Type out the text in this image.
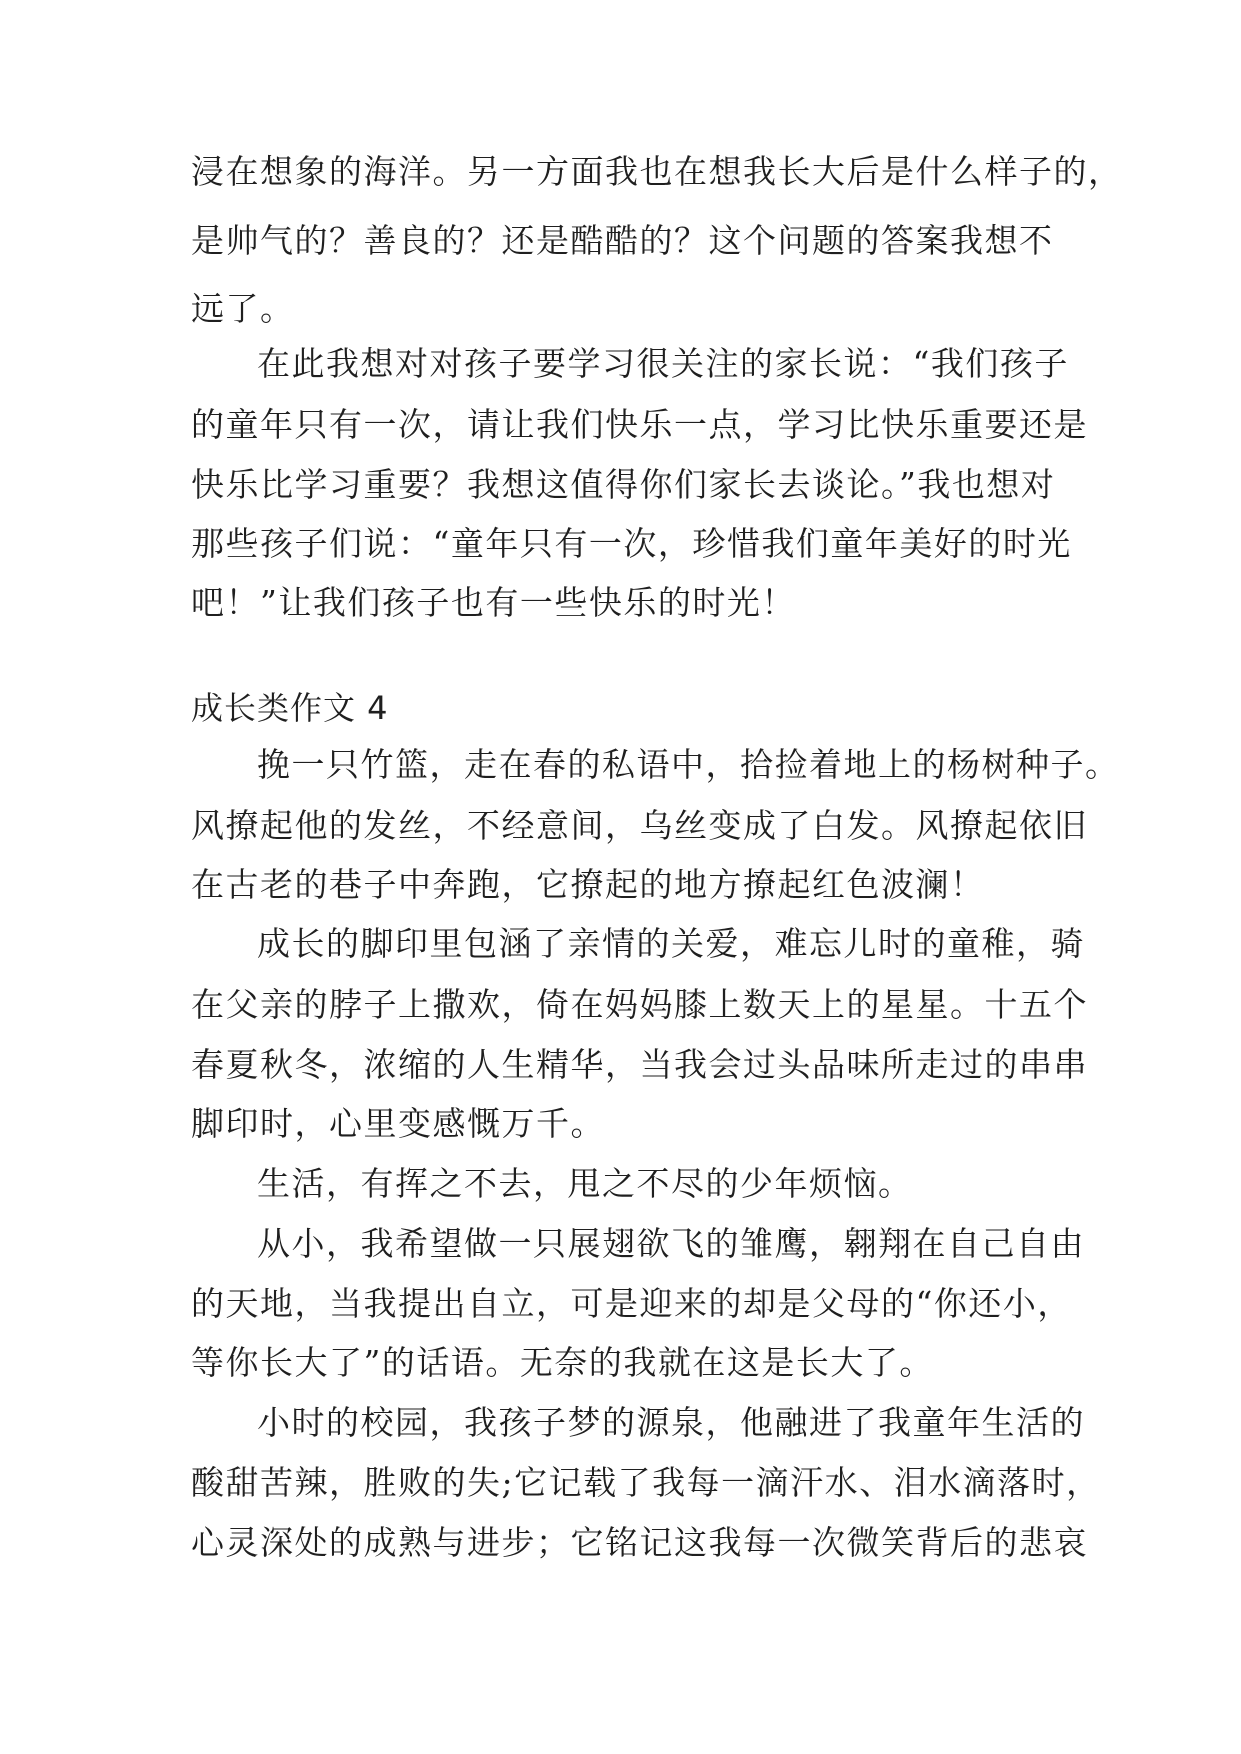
浸在想象的海洋。另一方面我也在想我长大后是什么样子的，
是帅气的？善良的？还是酷酷的？这个问题的答案我想不
远了。
在此我想对对孩子要学习很关注的家长说：“我们孩子
的童年只有一次，请让我们快乐一点，学习比快乐重要还是
快乐比学习重要？我想这值得你们家长去谈论。”我也想对
那些孩子们说：“童年只有一次，珍惜我们童年美好的时光
吧！”让我们孩子也有一些快乐的时光！
成长类作文 4
挽一只竹篮，走在春的私语中，拾捡着地上的杨树种子。
风撩起他的发丝，不经意间，乌丝变成了白发。风撩起依旧
在古老的巷子中奔跑，它撩起的地方撩起红色波澜！
成长的脚印里包涵了亲情的关爱，难忘儿时的童稚，骑
在父亲的脖子上撒欢，倚在妈妈膝上数天上的星星。十五个
春夏秋冬，浓缩的人生精华，当我会过头品味所走过的串串
脚印时，心里变感慨万千。
生活，有挥之不去，甩之不尽的少年烦恼。
从小，我希望做一只展翅欲飞的雏鹰，翱翔在自己自由
的天地，当我提出自立，可是迎来的却是父母的“你还小，
等你长大了”的话语。无奈的我就在这是长大了。
小时的校园，我孩子梦的源泉，他融进了我童年生活的
酸甜苦辣，胜败的失;它记载了我每一滴汗水、泪水滴落时，
心灵深处的成熟与进步；它铭记这我每一次微笑背后的悲哀
